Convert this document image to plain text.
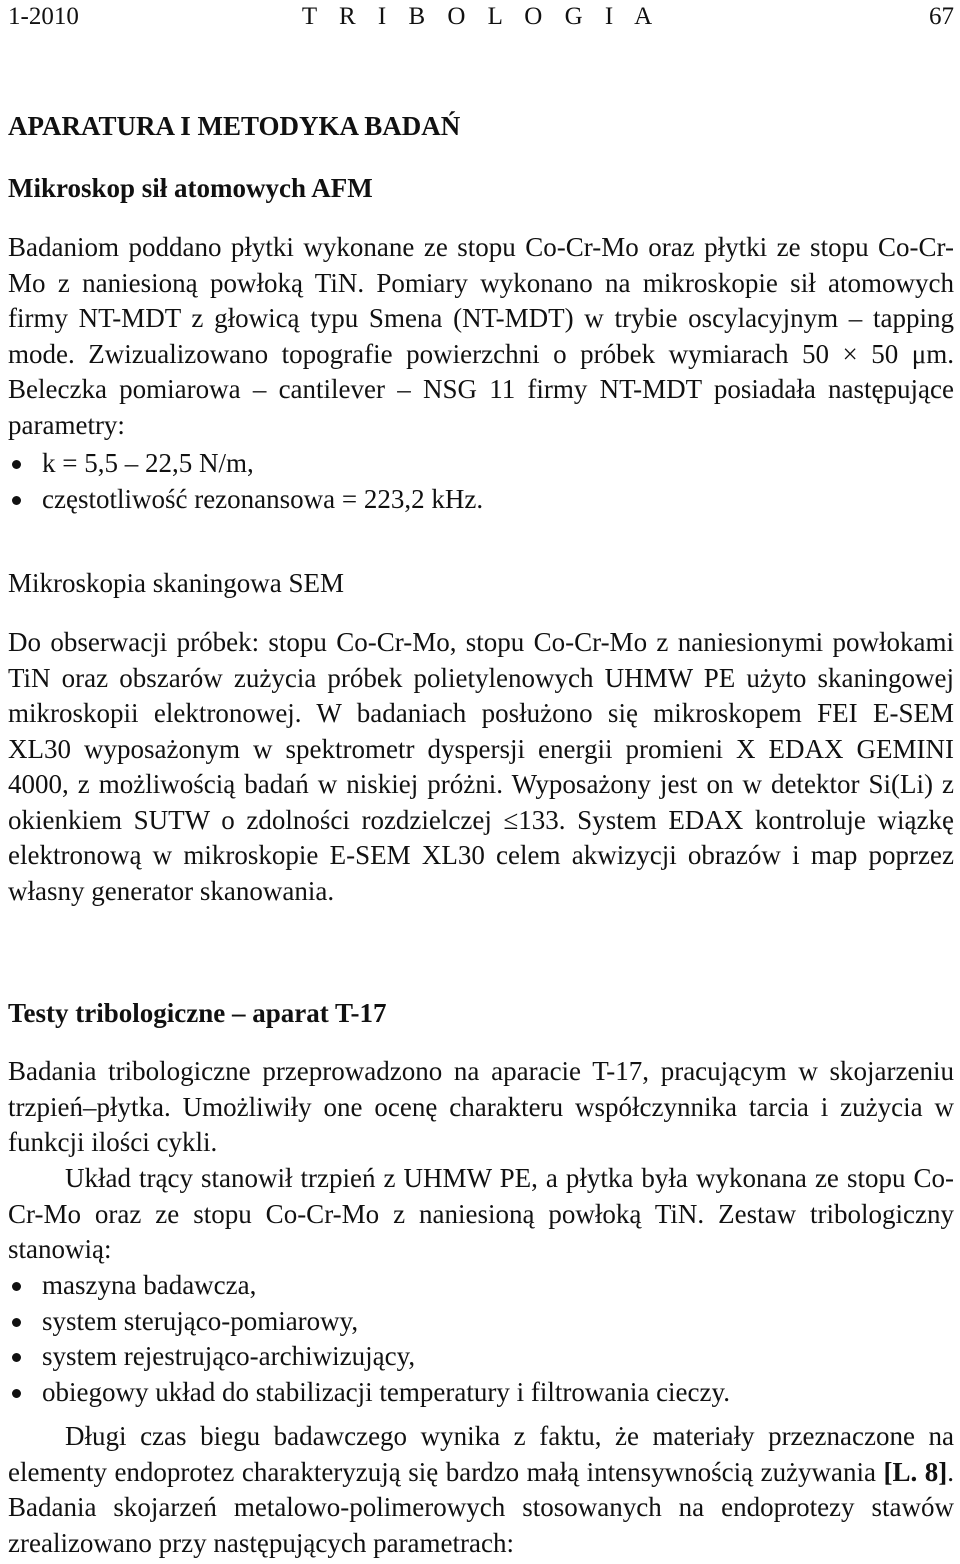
1-2010	T R I B O L O G I A	67
APARATURA I METODYKA BADAŃ
Mikroskop sił atomowych AFM

Badaniom poddano płytki wykonane ze stopu Co-Cr-Mo oraz płytki ze stopu Co-Cr-Mo z naniesioną powłoką TiN. Pomiary wykonano na mikroskopie sił atomowych firmy NT-MDT z głowicą typu Smena (NT-MDT) w trybie oscylacyjnym – tapping mode. Zwizualizowano topografie powierzchni o próbek wymiarach 50 × 50 μm. Beleczka pomiarowa – cantilever – NSG 11 firmy NT-MDT posiadała następujące parametry:

k = 5,5 – 22,5 N/m,
częstotliwość rezonansowa = 223,2 kHz.
Mikroskopia skaningowa SEM

Do obserwacji próbek: stopu Co-Cr-Mo, stopu Co-Cr-Mo z naniesionymi powłokami TiN oraz obszarów zużycia próbek polietylenowych UHMW PE użyto skaningowej mikroskopii elektronowej. W badaniach posłużono się mikroskopem FEI E-SEM XL30 wyposażonym w spektrometr dyspersji energii promieni X EDAX GEMINI 4000, z możliwością badań w niskiej próżni. Wyposażony jest on w detektor Si(Li) z okienkiem SUTW o zdolności rozdzielczej ≤133. System EDAX kontroluje wiązkę elektronową w mikroskopie E-SEM XL30 celem akwizycji obrazów i map poprzez własny generator skanowania.

Testy tribologiczne – aparat T-17

Badania tribologiczne przeprowadzono na aparacie T-17, pracującym w skojarzeniu trzpień–płytka. Umożliwiły one ocenę charakteru współczynnika tarcia i zużycia w funkcji ilości cykli.

Układ trący stanowił trzpień z UHMW PE, a płytka była wykonana ze stopu Co-Cr-Mo oraz ze stopu Co-Cr-Mo z naniesioną powłoką TiN. Zestaw tribologiczny stanowią:

maszyna badawcza,
system sterująco-pomiarowy,
system rejestrująco-archiwizujący,
obiegowy układ do stabilizacji temperatury i filtrowania cieczy.

Długi czas biegu badawczego wynika z faktu, że materiały przeznaczone na elementy endoprotez charakteryzują się bardzo małą intensywnością zużywania [L. 8]. Badania skojarzeń metalowo-polimerowych stosowanych na endoprotezy stawów zrealizowano przy następujących parametrach:
